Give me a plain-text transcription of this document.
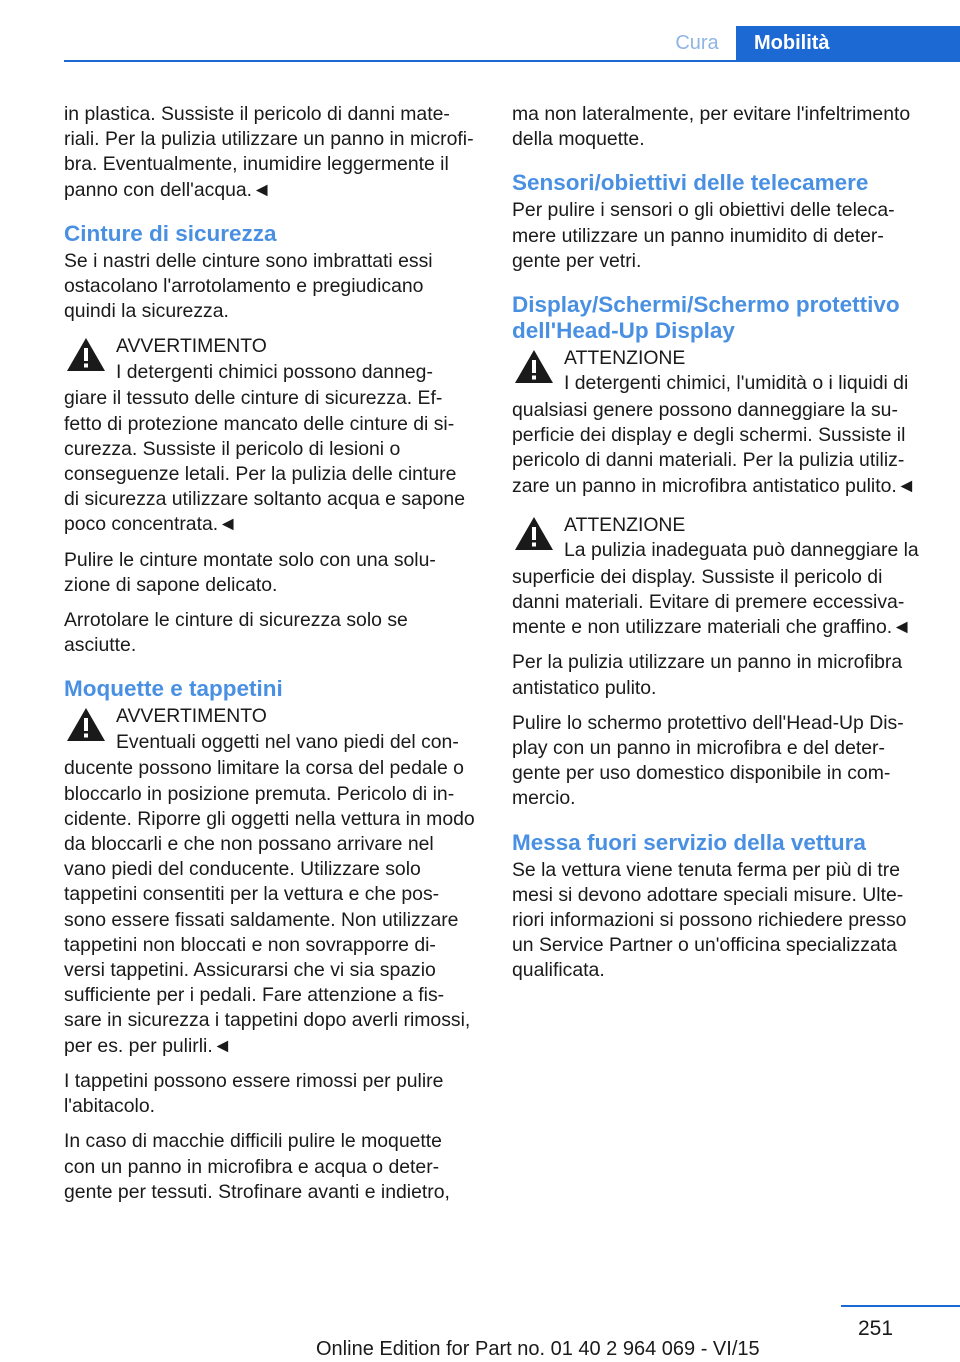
Cura	Mobilità

in plastica. Sussiste il pericolo di danni mate‐riali. Per la pulizia utilizzare un panno in microfi‐bra. Eventualmente, inumidire leggermente il panno con dell'acqua.◄

Cinture di sicurezza

Se i nastri delle cinture sono imbrattati essi ostacolano l'arrotolamento e pregiudicano quindi la sicurezza.

AVVERTIMENTO
I detergenti chimici possono danneg‐

giare il tessuto delle cinture di sicurezza. Ef‐fetto di protezione mancato delle cinture di si‐curezza. Sussiste il pericolo di lesioni o conseguenze letali. Per la pulizia delle cinture di sicurezza utilizzare soltanto acqua e sapone poco concentrata.◄

Pulire le cinture montate solo con una solu‐zione di sapone delicato.

Arrotolare le cinture di sicurezza solo se asciutte.

Moquette e tappetini
AVVERTIMENTO
Eventuali oggetti nel vano piedi del con‐

ducente possono limitare la corsa del pedale o bloccarlo in posizione premuta. Pericolo di in‐cidente. Riporre gli oggetti nella vettura in modo da bloccarli e che non possano arrivare nel vano piedi del conducente. Utilizzare solo tappetini consentiti per la vettura e che pos‐sono essere fissati saldamente. Non utilizzare tappetini non bloccati e non sovrapporre di‐versi tappetini. Assicurarsi che vi sia spazio sufficiente per i pedali. Fare attenzione a fis‐sare in sicurezza i tappetini dopo averli rimossi, per es. per pulirli.◄

I tappetini possono essere rimossi per pulire l'abitacolo.

In caso di macchie difficili pulire le moquette con un panno in microfibra e acqua o deter‐gente per tessuti. Strofinare avanti e indietro,

ma non lateralmente, per evitare l'infeltrimento della moquette.

Sensori/obiettivi delle telecamere

Per pulire i sensori o gli obiettivi delle teleca‐mere utilizzare un panno inumidito di deter‐gente per vetri.

Display/Schermi/Schermo protettivo dell'Head-Up Display
ATTENZIONE
I detergenti chimici, l'umidità o i liquidi di

qualsiasi genere possono danneggiare la su‐perficie dei display e degli schermi. Sussiste il pericolo di danni materiali. Per la pulizia utiliz‐zare un panno in microfibra antistatico pulito.◄

ATTENZIONE
La pulizia inadeguata può danneggiare la

superficie dei display. Sussiste il pericolo di danni materiali. Evitare di premere eccessiva‐mente e non utilizzare materiali che graffino.◄

Per la pulizia utilizzare un panno in microfibra antistatico pulito.

Pulire lo schermo protettivo dell'Head-Up Dis‐play con un panno in microfibra e del deter‐gente per uso domestico disponibile in com‐mercio.

Messa fuori servizio della vettura

Se la vettura viene tenuta ferma per più di tre mesi si devono adottare speciali misure. Ulte‐riori informazioni si possono richiedere presso un Service Partner o un'officina specializzata qualificata.

251
Online Edition for Part no. 01 40 2 964 069 - VI/15
